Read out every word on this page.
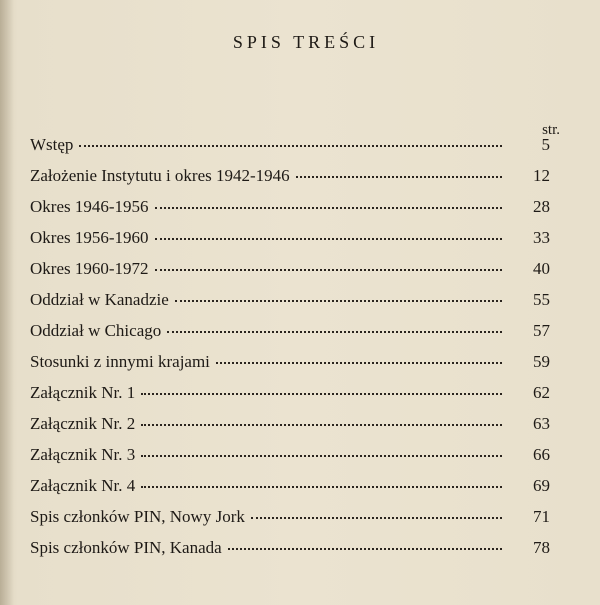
SPIS TREŚCI
str.
Wstęp	5
Założenie Instytutu i okres 1942-1946	12
Okres 1946-1956	28
Okres 1956-1960	33
Okres 1960-1972	40
Oddział w Kanadzie	55
Oddział w Chicago	57
Stosunki z innymi krajami	59
Załącznik Nr. 1	62
Załącznik Nr. 2	63
Załącznik Nr. 3	66
Załącznik Nr. 4	69
Spis członków PIN, Nowy Jork	71
Spis członków PIN, Kanada	78
